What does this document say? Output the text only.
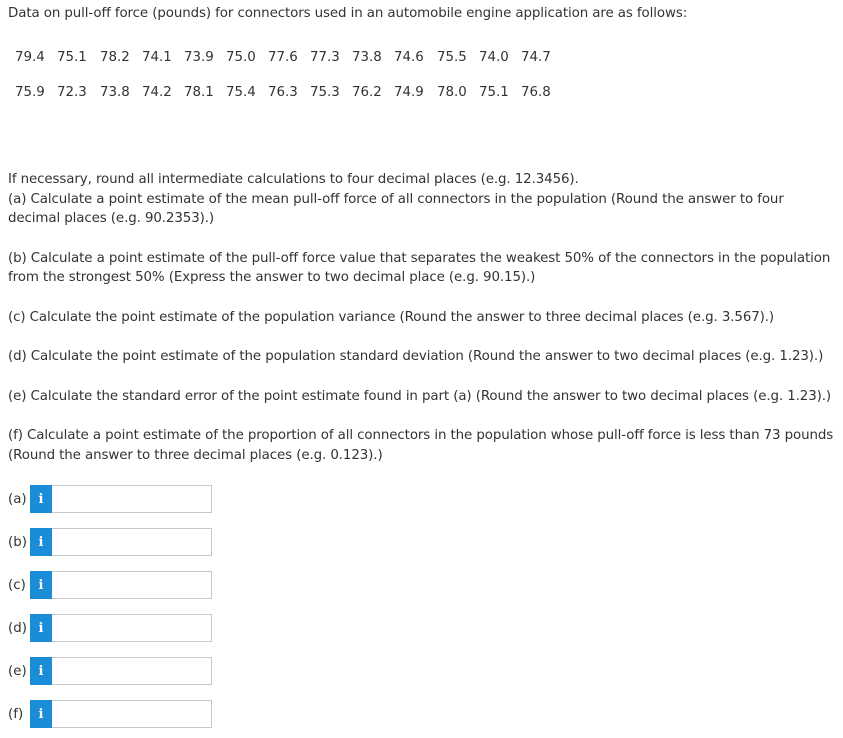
Data on pull-off force (pounds) for connectors used in an automobile engine application are as follows:
79.4 75.1 78.2 74.1 73.9 75.0 77.6 77.3 73.8 74.6 75.5 74.0 74.7
75.9 72.3 73.8 74.2 78.1 75.4 76.3 75.3 76.2 74.9 78.0 75.1 76.8

If necessary, round all intermediate calculations to four decimal places (e.g. 12.3456).

(a) Calculate a point estimate of the mean pull-off force of all connectors in the population (Round the answer to four decimal places (e.g. 90.2353).)

(b) Calculate a point estimate of the pull-off force value that separates the weakest 50% of the connectors in the population from the strongest 50% (Express the answer to two decimal place (e.g. 90.15).)

(c) Calculate the point estimate of the population variance (Round the answer to three decimal places (e.g. 3.567).)

(d) Calculate the point estimate of the population standard deviation (Round the answer to two decimal places (e.g. 1.23).)

(e) Calculate the standard error of the point estimate found in part (a) (Round the answer to two decimal places (e.g. 1.23).)

(f) Calculate a point estimate of the proportion of all connectors in the population whose pull-off force is less than 73 pounds (Round the answer to three decimal places (e.g. 0.123).)

(a) i
(b) i
(c) i
(d) i
(e) i
(f)	i
